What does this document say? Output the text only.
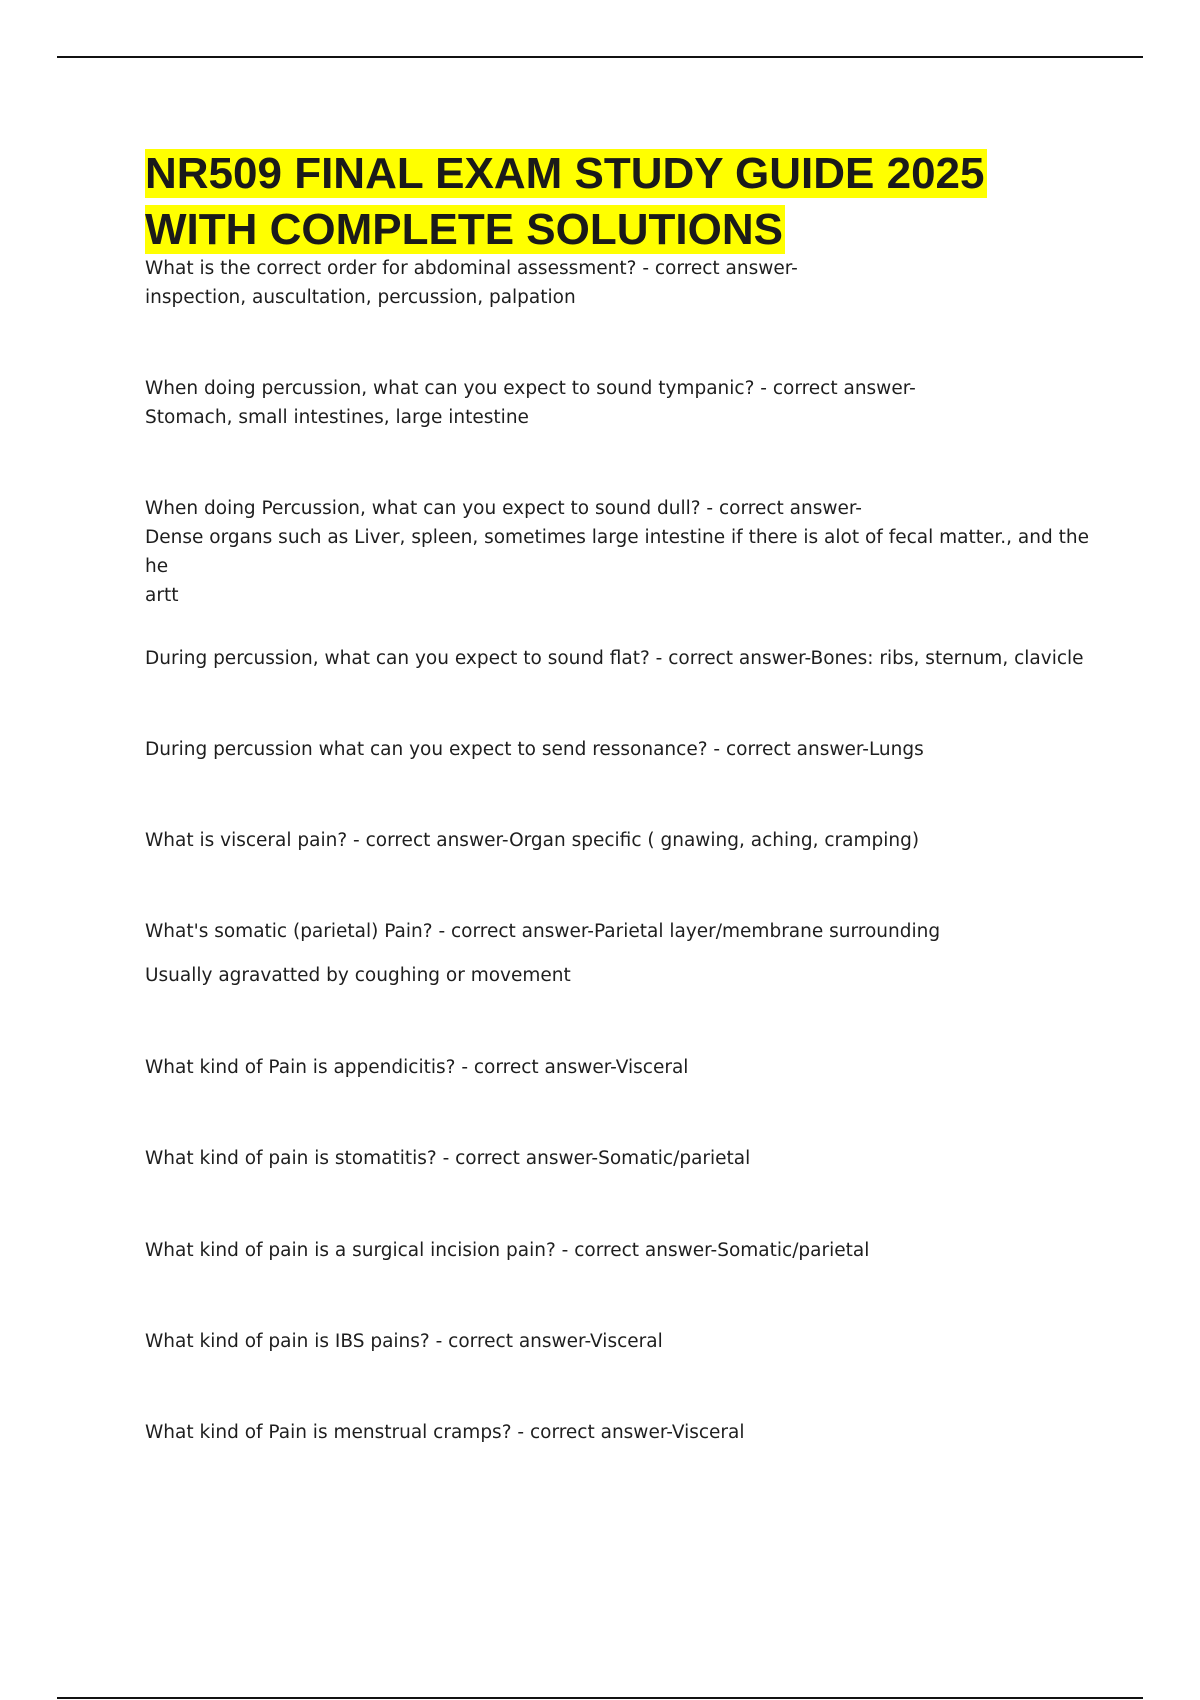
NR509 FINAL EXAM STUDY GUIDE 2025
WITH COMPLETE SOLUTIONS

What is the correct order for abdominal assessment? - correct answer-

inspection, auscultation, percussion, palpation

When doing percussion, what can you expect to sound tympanic? - correct answer-

Stomach, small intestines, large intestine

When doing Percussion, what can you expect to sound dull? - correct answer-

Dense organs such as Liver, spleen, sometimes large intestine if there is alot of fecal matter., and the he

artt

During percussion, what can you expect to sound flat? - correct answer-Bones: ribs, sternum, clavicle

During percussion what can you expect to send ressonance? - correct answer-Lungs

What is visceral pain? - correct answer-Organ specific ( gnawing, aching, cramping)

What's somatic (parietal) Pain? - correct answer-Parietal layer/membrane surrounding

Usually agravatted by coughing or movement

What kind of Pain is appendicitis? - correct answer-Visceral

What kind of pain is stomatitis? - correct answer-Somatic/parietal

What kind of pain is a surgical incision pain? - correct answer-Somatic/parietal

What kind of pain is IBS pains? - correct answer-Visceral

What kind of Pain is menstrual cramps? - correct answer-Visceral
